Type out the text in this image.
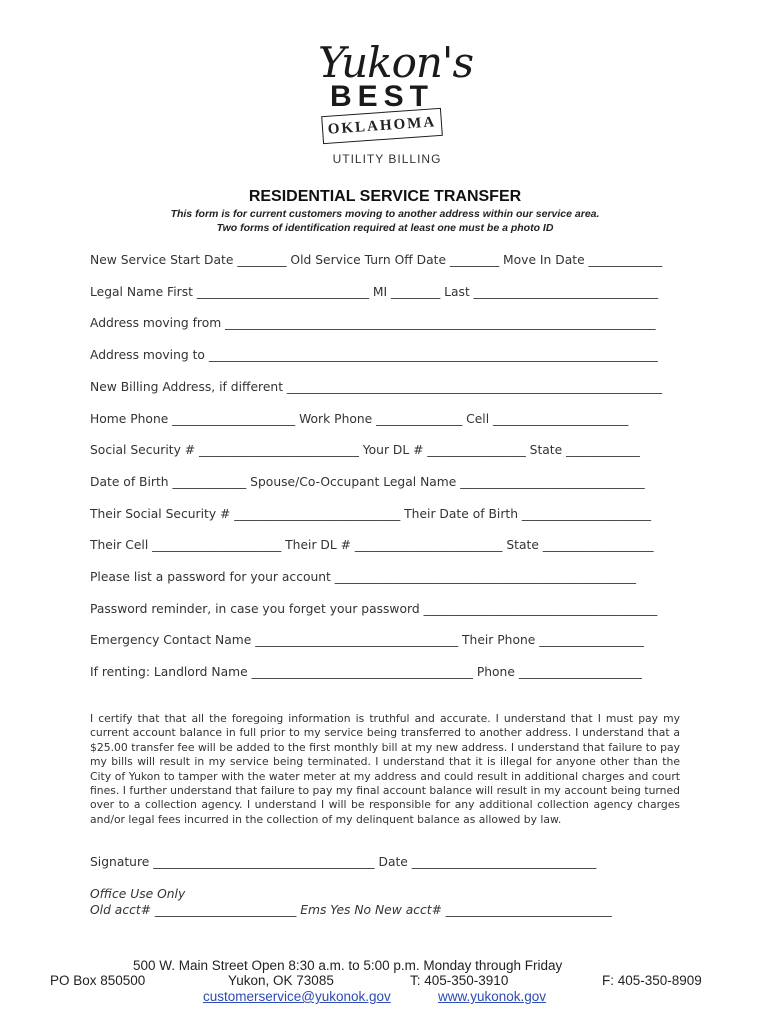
Yukon's
BEST
OKLAHOMA
UTILITY BILLING
RESIDENTIAL SERVICE TRANSFER
This form is for current customers moving to another address within our service area.
Two forms of identification required at least one must be a photo ID
New Service Start Date ________ Old Service Turn Off Date ________ Move In Date ____________
Legal Name First ____________________________ MI ________ Last ______________________________
Address moving from ______________________________________________________________________
Address moving to _________________________________________________________________________
New Billing Address, if different _____________________________________________________________
Home Phone ____________________ Work Phone ______________ Cell ______________________
Social Security # __________________________ Your DL # ________________ State ____________
Date of Birth ____________ Spouse/Co-Occupant Legal Name ______________________________
Their Social Security # ___________________________ Their Date of Birth _____________________
Their Cell _____________________ Their DL # ________________________ State __________________
Please list a password for your account _________________________________________________
Password reminder, in case you forget your password ______________________________________
Emergency Contact Name _________________________________ Their Phone _________________
If renting: Landlord Name ____________________________________ Phone ____________________
I certify that that all the foregoing information is truthful and accurate. I understand that I must pay my current account balance in full prior to my service being transferred to another address. I understand that a $25.00 transfer fee will be added to the first monthly bill at my new address. I understand that failure to pay my bills will result in my service being terminated. I understand that it is illegal for anyone other than the City of Yukon to tamper with the water meter at my address and could result in additional charges and court fines. I further understand that failure to pay my final account balance will result in my account being turned over to a collection agency. I understand I will be responsible for any additional collection agency charges and/or legal fees incurred in the collection of my delinquent balance as allowed by law.
Signature ____________________________________ Date ______________________________
Office Use Only
Old acct# _______________________ Ems Yes No New acct# ___________________________
500 W. Main Street Open 8:30 a.m. to 5:00 p.m. Monday through Friday
PO Box 850500	Yukon, OK 73085	T: 405-350-3910	F: 405-350-8909
customerservice@yukonok.gov	www.yukonok.gov
